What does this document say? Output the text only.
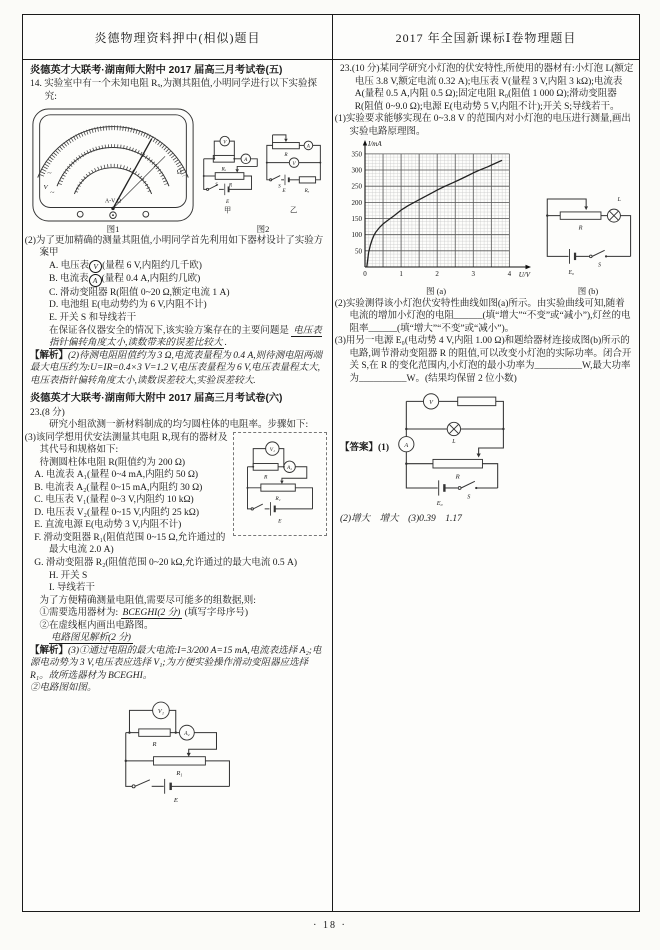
炎德物理资料押中(相似)题目	2017 年全国新课标Ⅰ卷物理题目
炎德英才大联考·湖南师大附中 2017 届高三月考试卷(五)
14. 实验室中有一个未知电阻 Rₓ,为测其阻值,小明同学进行以下实验探究:
Ω
A-V Ω
~
V
~
图1
Rₓ
A
V
R
E
S
甲
R
A
V
S
E	Rₓ
乙
图2
(2)为了更加精确的测量其阻值,小明同学首先利用如下器材设计了实验方案甲
A. 电压表 V (量程 6 V,内阻约几千欧)
B. 电流表 A (量程 0.4 A,内阻约几欧)
C. 滑动变阻器 R(阻值 0~20 Ω,额定电流 1 A)
D. 电池组 E(电动势约为 6 V,内阻不计)
E. 开关 S 和导线若干
在保证各仪器安全的情况下,该实验方案存在的主要问题是 电压表指针偏转角度太小,读数带来的误差比较大 .
【解析】(2)待测电阻阻值约为 3 Ω,电流表量程为 0.4 A,则待测电阻两端最大电压约为:U=IR=0.4×3 V=1.2 V,电压表量程为 6 V,电压表量程太大,电压表指针偏转角度太小,读数误差较大,实验误差较大.
炎德英才大联考·湖南师大附中 2017 届高三月考试卷(六)
23.(8 分)
研究小组欲测一新材料制成的均匀圆柱体的电阻率。步骤如下:
V₁
R
A₂
R₁
E
(3)该同学想用伏安法测量其电阻 R,现有的器材及其代号和规格如下:
待测圆柱体电阻 R(阻值约为 200 Ω)
A. 电流表 A₁(量程 0~4 mA,内阻约 50 Ω)
B. 电流表 A₂(量程 0~15 mA,内阻约 30 Ω)
C. 电压表 V₁(量程 0~3 V,内阻约 10 kΩ)
D. 电压表 V₂(量程 0~15 V,内阻约 25 kΩ)
E. 直流电源 E(电动势 3 V,内阻不计)
F. 滑动变阻器 R₁(阻值范围 0~15 Ω,允许通过的最大电流 2.0 A)
G. 滑动变阻器 R₂(阻值范围 0~20 kΩ,允许通过的最大电流 0.5 A)
H. 开关 S
I. 导线若干
为了方便精确测量电阻值,需要尽可能多的组数据,则:
①需要选用器材为: BCEGHI(2 分) (填写字母序号)
②在虚线框内画出电路图。
电路图见解析(2 分)
【解析】(3)①通过电阻的最大电流:I=3/200 A=15 mA,电流表选择 A₂;电源电动势为 3 V,电压表应选择 V₁;为方便实验操作滑动变阻器应选择 R₁。故所选器材为 BCEGHI。
②电路图如图。
V₁
R
A₂
R₁
E
23.(10 分)某同学研究小灯泡的伏安特性,所使用的器材有:小灯泡 L(额定电压 3.8 V,额定电流 0.32 A);电压表 V(量程 3 V,内阻 3 kΩ);电流表 A(量程 0.5 A,内阻 0.5 Ω);固定电阻 R₀(阻值 1 000 Ω);滑动变阻器 R(阻值 0~9.0 Ω);电源 E(电动势 5 V,内阻不计);开关 S;导线若干。
(1)实验要求能够实现在 0~3.8 V 的范围内对小灯泡的电压进行测量,画出实验电路原理图。
50
100
150
200
250
300
350
0	1	2	3	4
I/mA
U/V
图 (a)
R
L
E₀
S
图 (b)
(2)实验测得该小灯泡伏安特性曲线如图(a)所示。由实验曲线可知,随着电流的增加小灯泡的电阻______(填“增大”“不变”或“减小”),灯丝的电阻率______(填“增大”“不变”或“减小”)。
(3)用另一电源 E₀(电动势 4 V,内阻 1.00 Ω)和题给器材连接成图(b)所示的电路,调节滑动变阻器 R 的阻值,可以改变小灯泡的实际功率。闭合开关 S,在 R 的变化范围内,小灯泡的最小功率为__________W,最大功率为__________W。(结果均保留 2 位小数)
【答案】(1)
V
L
A
R
E₀
S
(2)增大　增大　(3)0.39　1.17
· 18 ·
